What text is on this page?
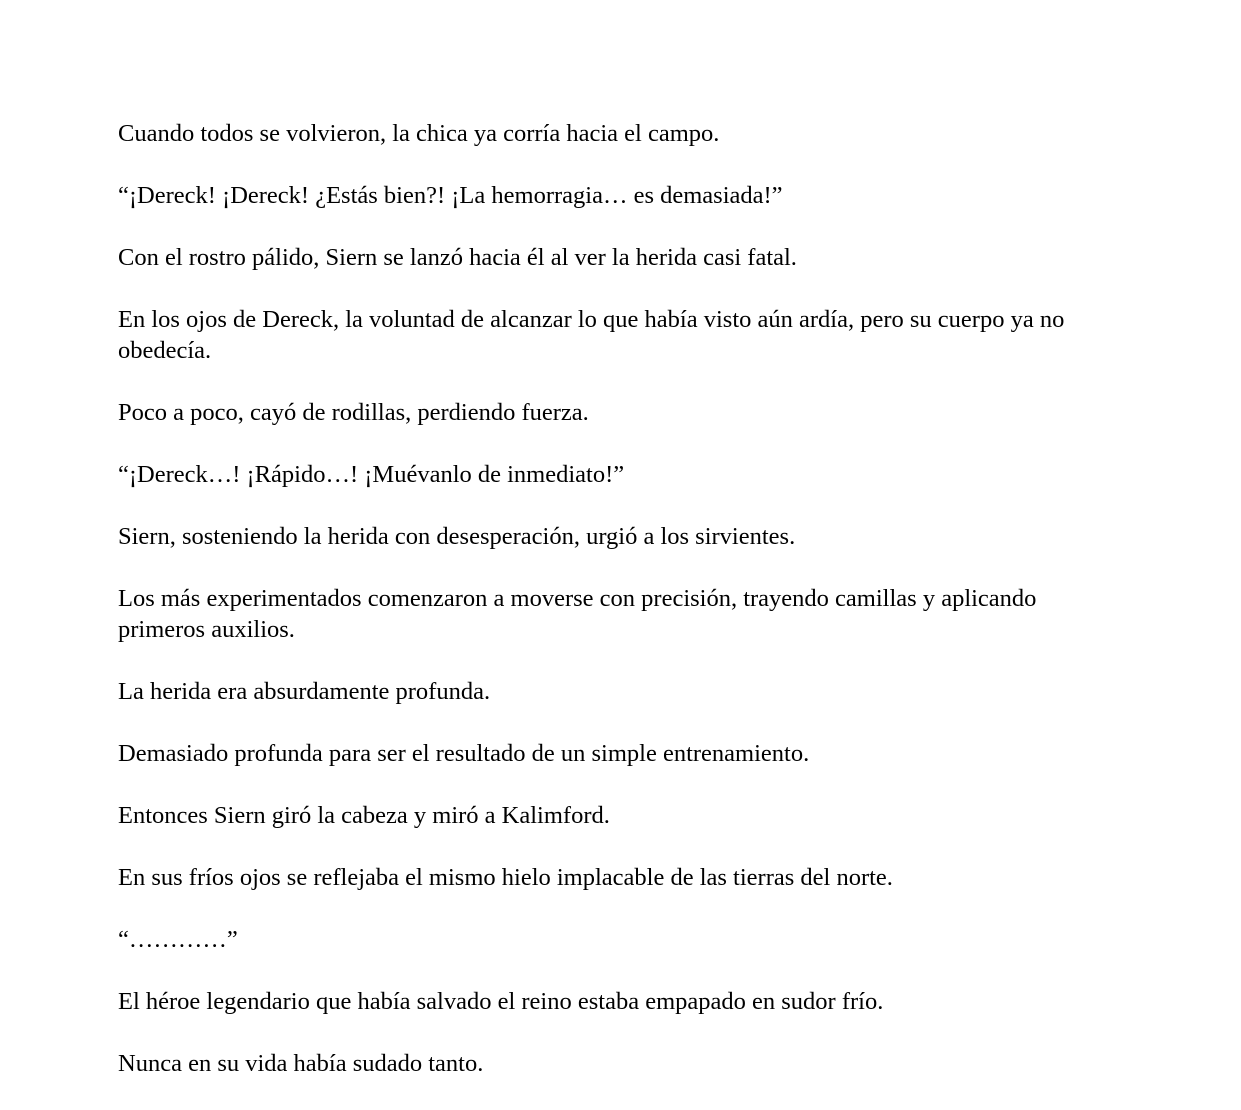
Cuando todos se volvieron, la chica ya corría hacia el campo.

“¡Dereck! ¡Dereck! ¿Estás bien?! ¡La hemorragia… es demasiada!”

Con el rostro pálido, Siern se lanzó hacia él al ver la herida casi fatal.

En los ojos de Dereck, la voluntad de alcanzar lo que había visto aún ardía, pero su cuerpo ya no obedecía.

Poco a poco, cayó de rodillas, perdiendo fuerza.

“¡Dereck…! ¡Rápido…! ¡Muévanlo de inmediato!”

Siern, sosteniendo la herida con desesperación, urgió a los sirvientes.

Los más experimentados comenzaron a moverse con precisión, trayendo camillas y aplicando primeros auxilios.

La herida era absurdamente profunda.

Demasiado profunda para ser el resultado de un simple entrenamiento.

Entonces Siern giró la cabeza y miró a Kalimford.

En sus fríos ojos se reflejaba el mismo hielo implacable de las tierras del norte.

“…………”

El héroe legendario que había salvado el reino estaba empapado en sudor frío.

Nunca en su vida había sudado tanto.
